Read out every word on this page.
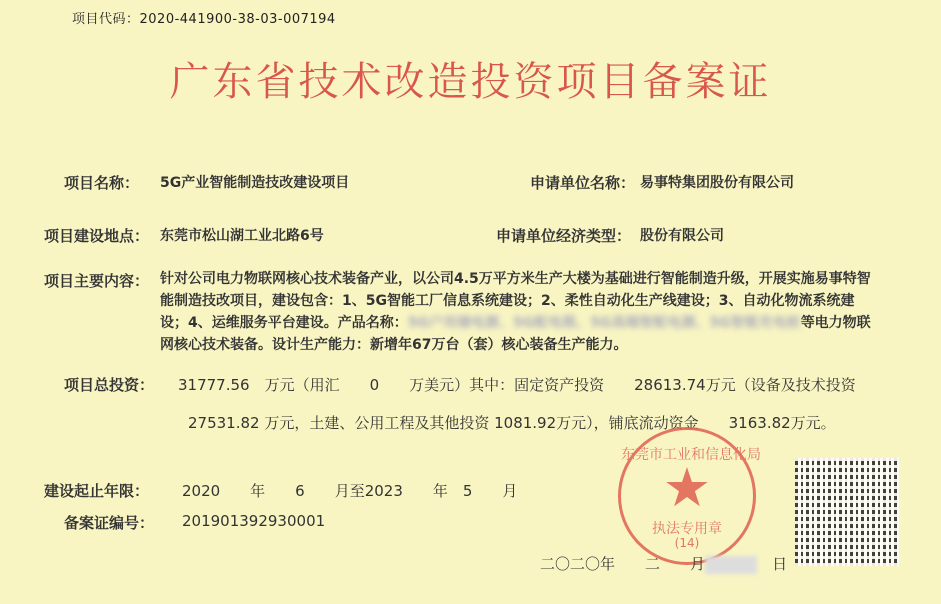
项目代码：2020-441900-38-03-007194
广东省技术改造投资项目备案证
项目名称： 5G产业智能制造技改建设项目	申请单位名称： 易事特集团股份有限公司
项目建设地点： 东莞市松山湖工业北路6号	申请单位经济类型： 股份有限公司
项目主要内容： 针对公司电力物联网核心技术装备产业，以公司4.5万平方米生产大楼为基础进行智能制造升级，开展实施易事特智能制造技改项目，建设包含：1、5G智能工厂信息系统建设；2、柔性自动化生产线建设；3、自动化物流系统建设；4、运维服务平台建设。产品名称：5G户用储电源、5G配电箱、5G高端智配电源、5G智能充电桩等电力物联网核心技术装备。设计生产能力：新增年67万台（套）核心装备生产能力。
项目总投资： 31777.56　万元（用汇　　0　　万美元）其中：固定资产投资　　28613.74万元（设备及技术投资
27531.82 万元，土建、公用工程及其他投资 1081.92万元），铺底流动资金　　3163.82万元。
建设起止年限： 2020　　年　　6　　月至2023　　年　5　　月
备案证编号： 201901392930001
东莞市工业和信息化局
★
执法专用章
(14)
二〇二〇年　　 二　　月　	日
